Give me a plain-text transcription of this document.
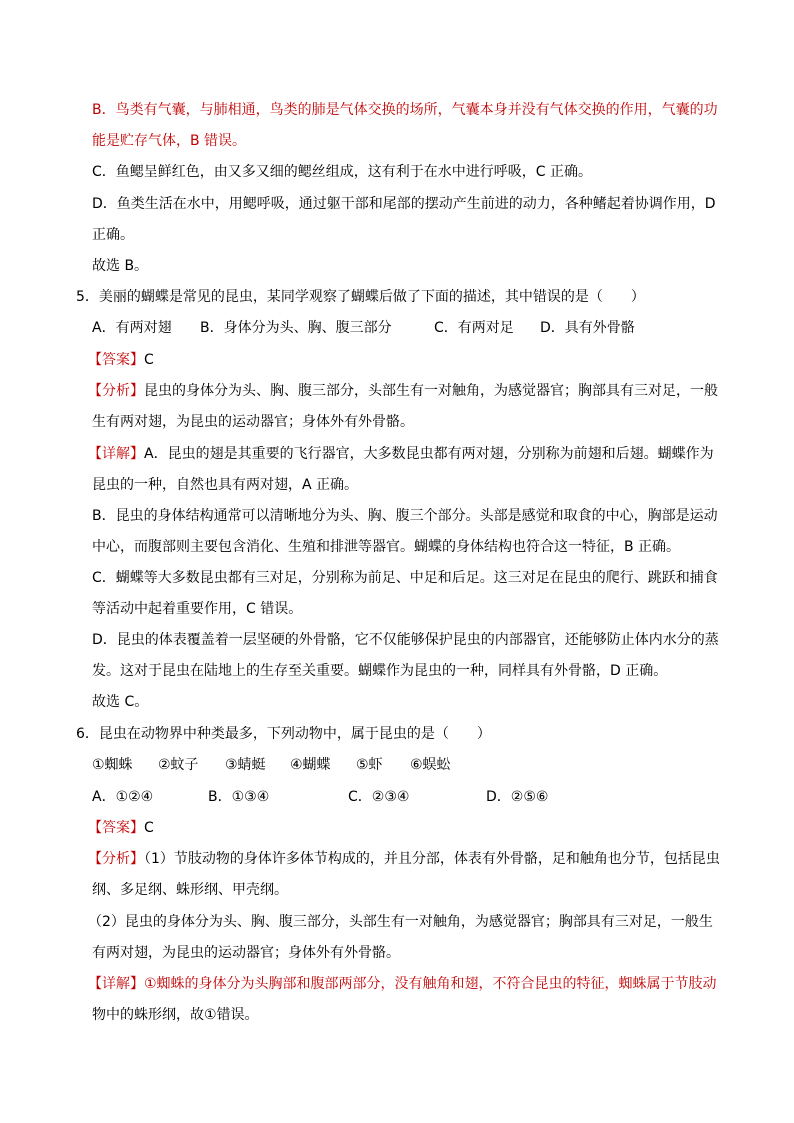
B．鸟类有气囊，与肺相通，鸟类的肺是气体交换的场所，气囊本身并没有气体交换的作用，气囊的功
能是贮存气体，B 错误。
C．鱼鳃呈鲜红色，由又多又细的鳃丝组成，这有利于在水中进行呼吸，C 正确。
D．鱼类生活在水中，用鳃呼吸，通过躯干部和尾部的摆动产生前进的动力，各种鳍起着协调作用，D
正确。
故选 B。
5．美丽的蝴蝶是常见的昆虫，某同学观察了蝴蝶后做了下面的描述，其中错误的是（　　）
A．有两对翅 B．身体分为头、胸、腹三部分	C．有两对足 D．具有外骨骼
【答案】C
【分析】昆虫的身体分为头、胸、腹三部分，头部生有一对触角，为感觉器官；胸部具有三对足，一般
生有两对翅，为昆虫的运动器官；身体外有外骨骼。
【详解】A．昆虫的翅是其重要的飞行器官，大多数昆虫都有两对翅，分别称为前翅和后翅。蝴蝶作为
昆虫的一种，自然也具有两对翅，A 正确。
B．昆虫的身体结构通常可以清晰地分为头、胸、腹三个部分。头部是感觉和取食的中心，胸部是运动
中心，而腹部则主要包含消化、生殖和排泄等器官。蝴蝶的身体结构也符合这一特征，B 正确。
C．蝴蝶等大多数昆虫都有三对足，分别称为前足、中足和后足。这三对足在昆虫的爬行、跳跃和捕食
等活动中起着重要作用，C 错误。
D．昆虫的体表覆盖着一层坚硬的外骨骼，它不仅能够保护昆虫的内部器官，还能够防止体内水分的蒸
发。这对于昆虫在陆地上的生存至关重要。蝴蝶作为昆虫的一种，同样具有外骨骼，D 正确。
故选 C。
6．昆虫在动物界中种类最多，下列动物中，属于昆虫的是（　　）
①蜘蛛 ②蚊子 ③蜻蜓 ④蝴蝶 ⑤虾 ⑥蜈蚣
A．①②④	B．①③④	C．②③④	D．②⑤⑥
【答案】C
【分析】（1）节肢动物的身体许多体节构成的，并且分部，体表有外骨骼，足和触角也分节，包括昆虫
纲、多足纲、蛛形纲、甲壳纲。
（2）昆虫的身体分为头、胸、腹三部分，头部生有一对触角，为感觉器官；胸部具有三对足，一般生
有两对翅，为昆虫的运动器官；身体外有外骨骼。
【详解】①蜘蛛的身体分为头胸部和腹部两部分，没有触角和翅，不符合昆虫的特征，蜘蛛属于节肢动
物中的蛛形纲，故①错误。
